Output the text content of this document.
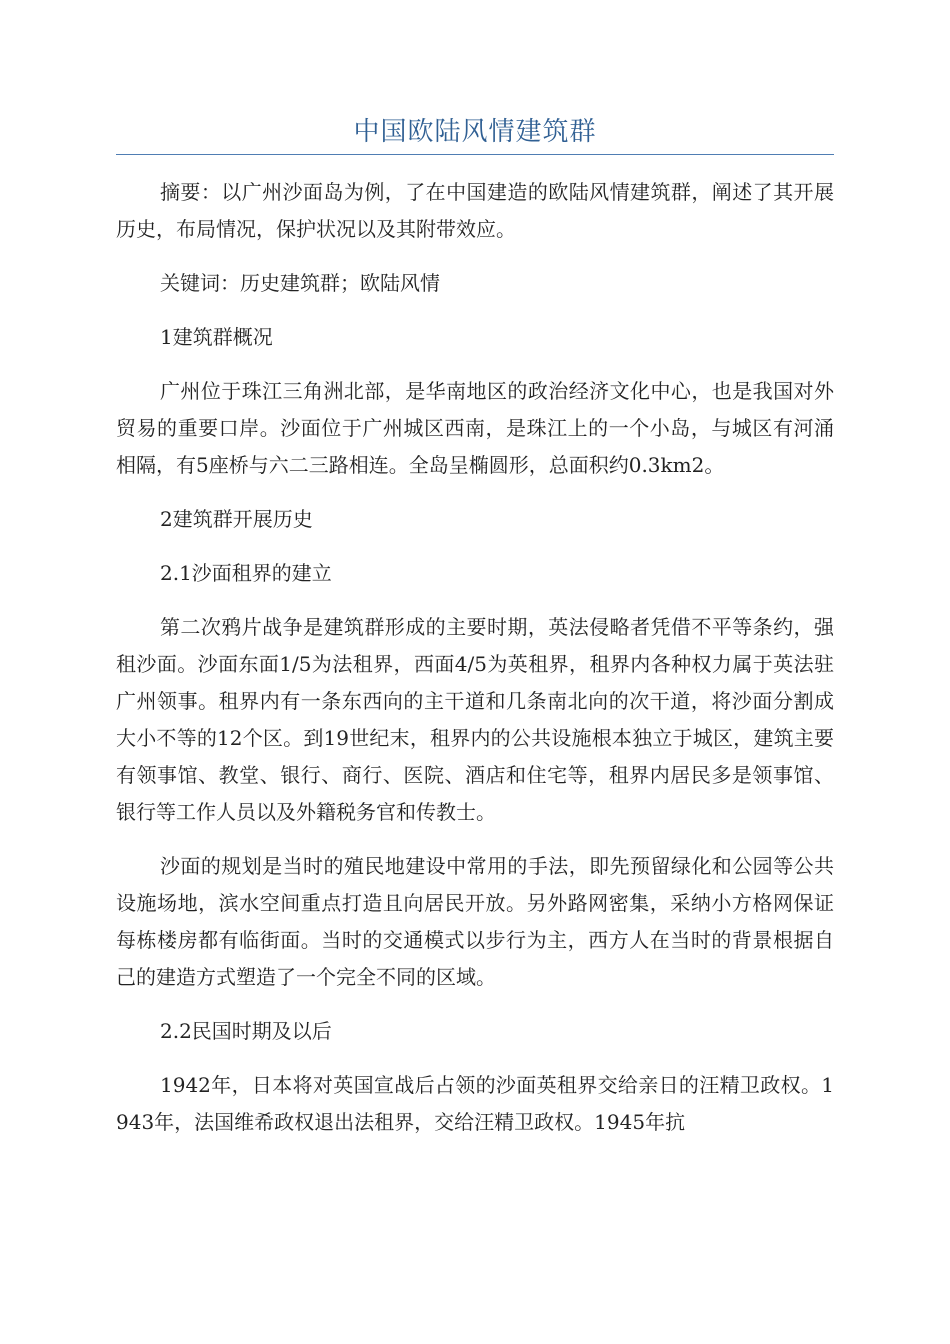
中国欧陆风情建筑群

摘要：以广州沙面岛为例，了在中国建造的欧陆风情建筑群，阐述了其开展历史，布局情况，保护状况以及其附带效应。

关键词：历史建筑群；欧陆风情

1建筑群概况

广州位于珠江三角洲北部，是华南地区的政治经济文化中心，也是我国对外贸易的重要口岸。沙面位于广州城区西南，是珠江上的一个小岛，与城区有河涌相隔，有5座桥与六二三路相连。全岛呈椭圆形，总面积约0.3km2。

2建筑群开展历史

2.1沙面租界的建立

第二次鸦片战争是建筑群形成的主要时期，英法侵略者凭借不平等条约，强租沙面。沙面东面1/5为法租界，西面4/5为英租界，租界内各种权力属于英法驻广州领事。租界内有一条东西向的主干道和几条南北向的次干道，将沙面分割成大小不等的12个区。到19世纪末，租界内的公共设施根本独立于城区，建筑主要有领事馆、教堂、银行、商行、医院、酒店和住宅等，租界内居民多是领事馆、银行等工作人员以及外籍税务官和传教士。

沙面的规划是当时的殖民地建设中常用的手法，即先预留绿化和公园等公共设施场地，滨水空间重点打造且向居民开放。另外路网密集，采纳小方格网保证每栋楼房都有临街面。当时的交通模式以步行为主，西方人在当时的背景根据自己的建造方式塑造了一个完全不同的区域。

2.2民国时期及以后

1942年，日本将对英国宣战后占领的沙面英租界交给亲日的汪精卫政权。1943年，法国维希政权退出法租界，交给汪精卫政权。1945年抗
